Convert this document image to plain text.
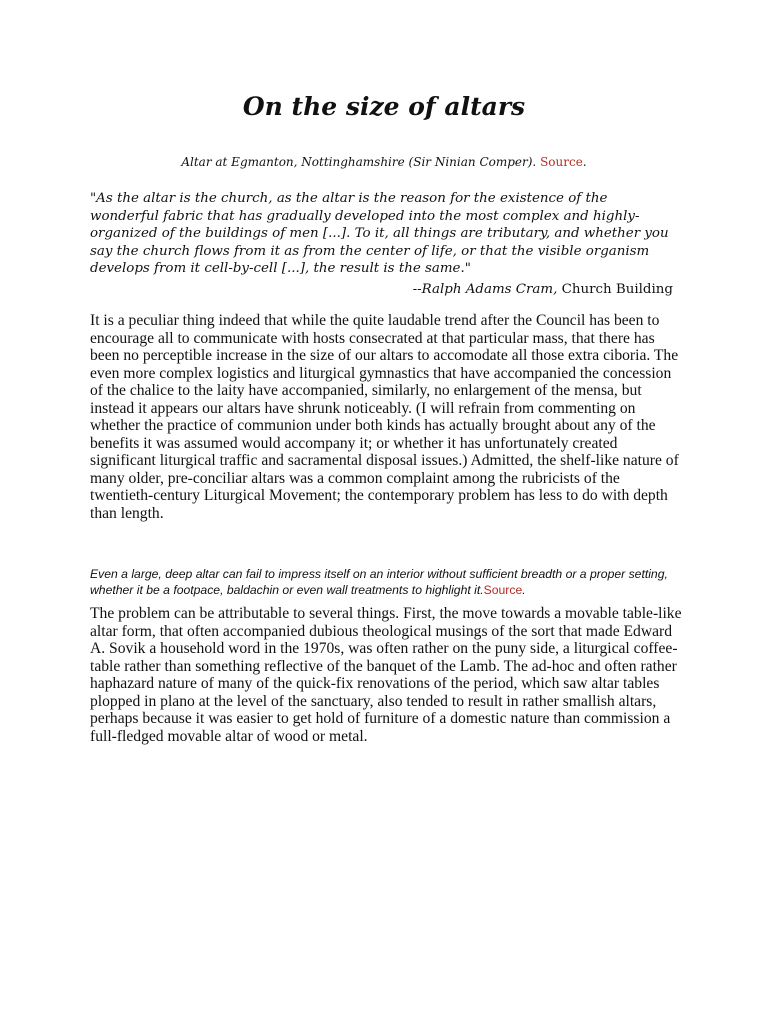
On the size of altars
Altar at Egmanton, Nottinghamshire (Sir Ninian Comper). Source.

"As the altar is the church, as the altar is the reason for the existence of the wonderful fabric that has gradually developed into the most complex and highly-organized of the buildings of men [...]. To it, all things are tributary, and whether you say the church flows from it as from the center of life, or that the visible organism develops from it cell-by-cell [...], the result is the same."

--Ralph Adams Cram, Church Building

It is a peculiar thing indeed that while the quite laudable trend after the Council has been to encourage all to communicate with hosts consecrated at that particular mass, that there has been no perceptible increase in the size of our altars to accomodate all those extra ciboria. The even more complex logistics and liturgical gymnastics that have accompanied the concession of the chalice to the laity have accompanied, similarly, no enlargement of the mensa, but instead it appears our altars have shrunk noticeably. (I will refrain from commenting on whether the practice of communion under both kinds has actually brought about any of the benefits it was assumed would accompany it; or whether it has unfortunately created significant liturgical traffic and sacramental disposal issues.) Admitted, the shelf-like nature of many older, pre-conciliar altars was a common complaint among the rubricists of the twentieth-century Liturgical Movement; the contemporary problem has less to do with depth than length.

Even a large, deep altar can fail to impress itself on an interior without sufficient breadth or a proper setting, whether it be a footpace, baldachin or even wall treatments to highlight it.Source.

The problem can be attributable to several things. First, the move towards a movable table-like altar form, that often accompanied dubious theological musings of the sort that made Edward A. Sovik a household word in the 1970s, was often rather on the puny side, a liturgical coffee-table rather than something reflective of the banquet of the Lamb. The ad-hoc and often rather haphazard nature of many of the quick-fix renovations of the period, which saw altar tables plopped in plano at the level of the sanctuary, also tended to result in rather smallish altars, perhaps because it was easier to get hold of furniture of a domestic nature than commission a full-fledged movable altar of wood or metal.
